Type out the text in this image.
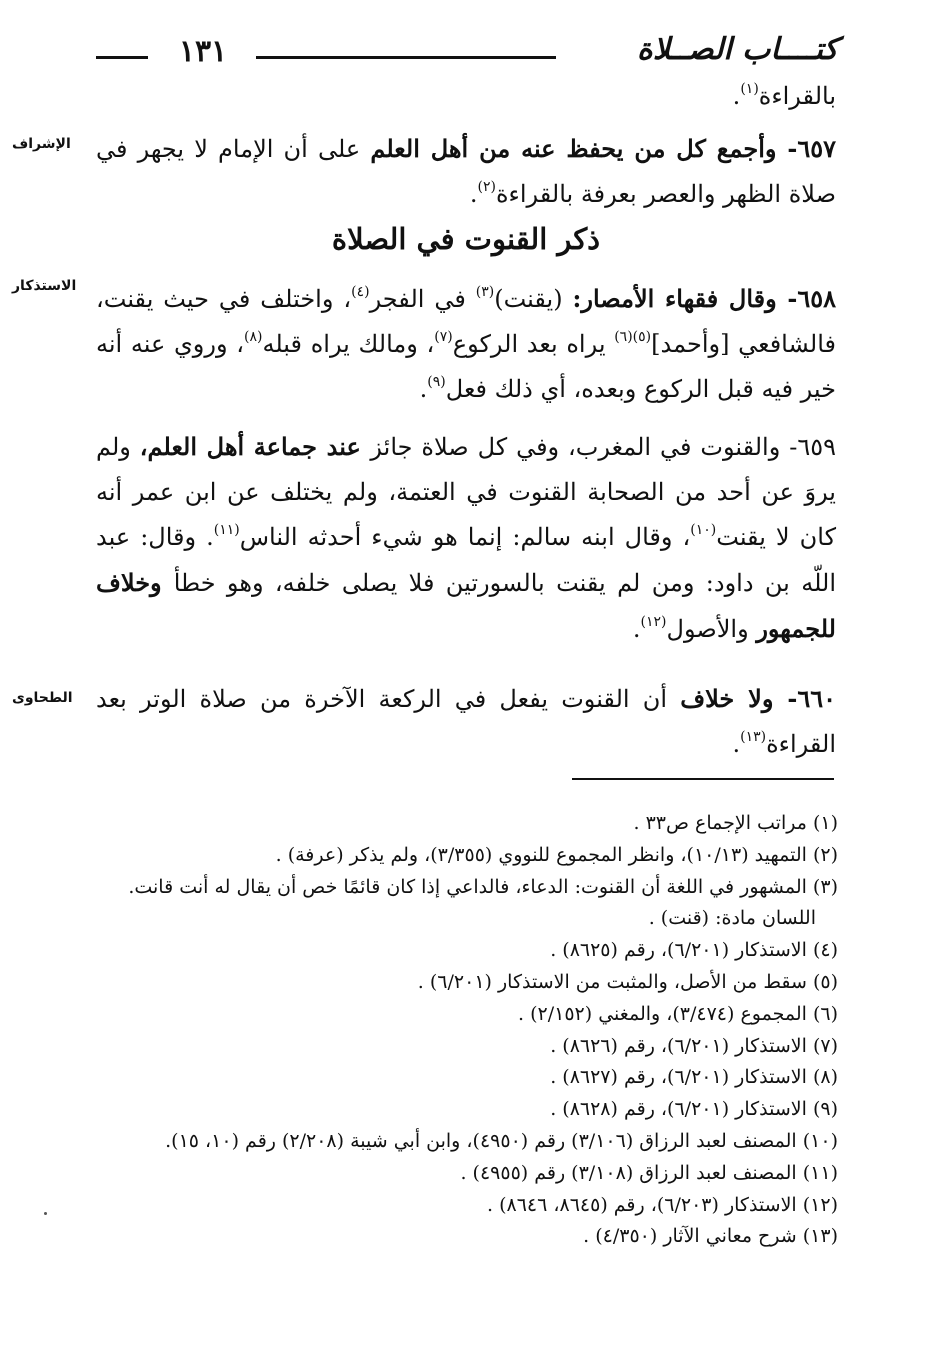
١٣١	كتــــاب الصــلاة

بالقراءة$^{(١)}$.

الإشراف	٦٥٧- وأجمع كل من يحفظ عنه من أهل العلم على أن الإمام لا يجهر في صلاة الظهر والعصر بعرفة بالقراءة$^{(٢)}$.

ذكر القنوت في الصلاة
الاستذكار	٦٥٨- وقال فقهاء الأمصار: (يقنت)$^{(٣)}$ في الفجر$^{(٤)}$، واختلف في حيث يقنت، فالشافعي [وأحمد]$^{(٥)(٦)}$ يراه بعد الركوع$^{(٧)}$، ومالك يراه قبله$^{(٨)}$، وروي عنه أنه خير فيه قبل الركوع وبعده، أي ذلك فعل$^{(٩)}$.

٦٥٩- والقنوت في المغرب، وفي كل صلاة جائز عند جماعة أهل العلم، ولم يروَ عن أحد من الصحابة القنوت في العتمة، ولم يختلف عن ابن عمر أنه كان لا يقنت$^{(١٠)}$، وقال ابنه سالم: إنما هو شيء أحدثه الناس$^{(١١)}$. وقال: عبد اللّه بن داود: ومن لم يقنت بالسورتين فلا يصلى خلفه، وهو خطأ وخلاف للجمهور والأصول$^{(١٢)}$.

الطحاوى	٦٦٠- ولا خلاف أن القنوت يفعل في الركعة الآخرة من صلاة الوتر بعد القراءة$^{(١٣)}$.

(١) مراتب الإجماع ص٣٣ .

(٢) التمهيد (١٠/١٣)، وانظر المجموع للنووي (٣/٣٥٥)، ولم يذكر (عرفة) .

(٣) المشهور في اللغة أن القنوت: الدعاء، فالداعي إذا كان قائمًا خص أن يقال له أنت قانت.
اللسان مادة: (قنت) .

(٤) الاستذكار (٦/٢٠١)، رقم (٨٦٢٥) .

(٥) سقط من الأصل، والمثبت من الاستذكار (٦/٢٠١) .

(٦) المجموع (٣/٤٧٤)، والمغني (٢/١٥٢) .

(٧) الاستذكار (٦/٢٠١)، رقم (٨٦٢٦) .

(٨) الاستذكار (٦/٢٠١)، رقم (٨٦٢٧) .

(٩) الاستذكار (٦/٢٠١)، رقم (٨٦٢٨) .

(١٠) المصنف لعبد الرزاق (٣/١٠٦) رقم (٤٩٥٠)، وابن أبي شيبة (٢/٢٠٨) رقم (١٠، ١٥).

(١١) المصنف لعبد الرزاق (٣/١٠٨) رقم (٤٩٥٥) .

(١٢) الاستذكار (٦/٢٠٣)، رقم (٨٦٤٥، ٨٦٤٦) .

(١٣) شرح معاني الآثار (٤/٣٥٠) .
